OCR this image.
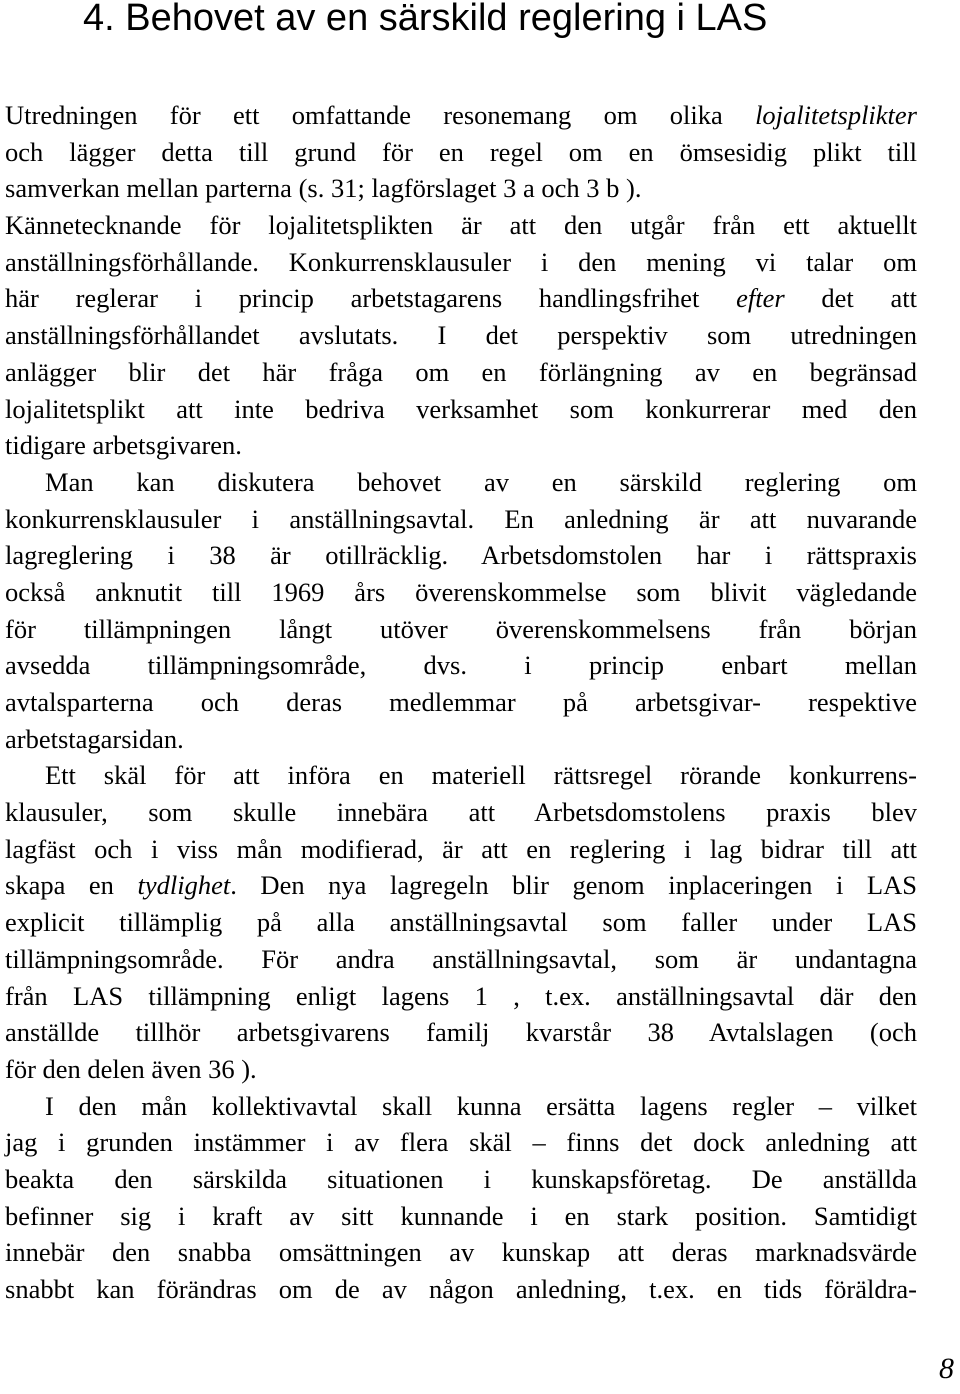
4. Behovet av en särskild reglering i LAS
Utredningen för ett omfattande resonemang om olika lojalitetsplikter
och lägger detta till grund för en regel om en ömsesidig plikt till
samverkan mellan parterna (s. 31; lagförslaget 3 a och 3 b ).
Kännetecknande för lojalitetsplikten är att den utgår från ett aktuellt
anställningsförhållande. Konkurrensklausuler i den mening vi talar om
här reglerar i princip arbetstagarens handlingsfrihet efter det att
anställningsförhållandet avslutats. I det perspektiv som utredningen
anlägger blir det här fråga om en förlängning av en begränsad
lojalitetsplikt att inte bedriva verksamhet som konkurrerar med den
tidigare arbetsgivaren.
Man kan diskutera behovet av en särskild reglering om
konkurrensklausuler i anställningsavtal. En anledning är att nuvarande
lagreglering i 38 är otillräcklig. Arbetsdomstolen har i rättspraxis
också anknutit till 1969 års överenskommelse som blivit vägledande
för tillämpningen långt utöver överenskommelsens från början
avsedda tillämpningsområde, dvs. i princip enbart mellan
avtalsparterna och deras medlemmar på arbetsgivar- respektive
arbetstagarsidan.
Ett skäl för att införa en materiell rättsregel rörande konkurrens-
klausuler, som skulle innebära att Arbetsdomstolens praxis blev
lagfäst och i viss mån modifierad, är att en reglering i lag bidrar till att
skapa en tydlighet. Den nya lagregeln blir genom inplaceringen i LAS
explicit tillämplig på alla anställningsavtal som faller under LAS
tillämpningsområde. För andra anställningsavtal, som är undantagna
från LAS tillämpning enligt lagens 1 , t.ex. anställningsavtal där den
anställde tillhör arbetsgivarens familj kvarstår 38 Avtalslagen (och
för den delen även 36 ).
I den mån kollektivavtal skall kunna ersätta lagens regler – vilket
jag i grunden instämmer i av flera skäl – finns det dock anledning att
beakta den särskilda situationen i kunskapsföretag. De anställda
befinner sig i kraft av sitt kunnande i en stark position. Samtidigt
innebär den snabba omsättningen av kunskap att deras marknadsvärde
snabbt kan förändras om de av någon anledning, t.ex. en tids föräldra-
8
